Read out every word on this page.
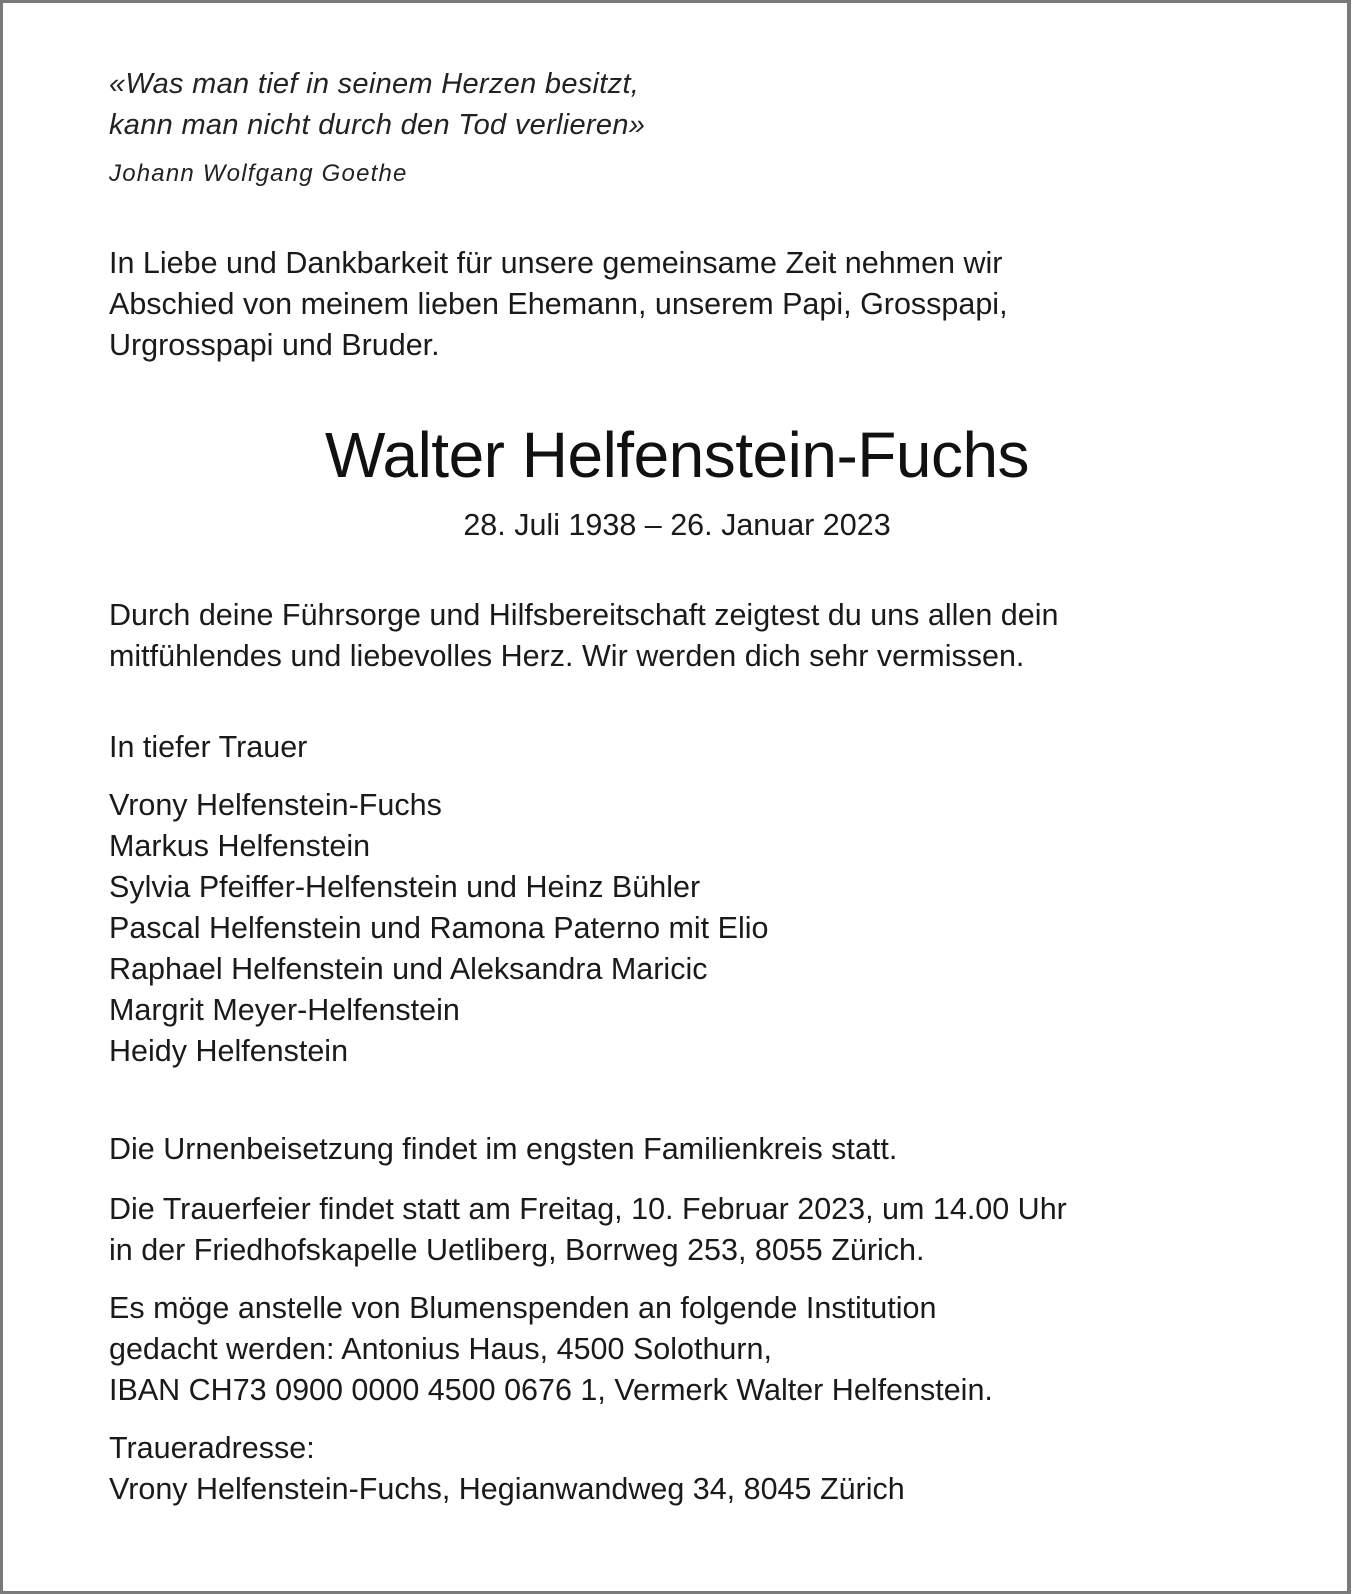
«Was man tief in seinem Herzen besitzt,
kann man nicht durch den Tod verlieren»
Johann Wolfgang Goethe
In Liebe und Dankbarkeit für unsere gemeinsame Zeit nehmen wir
Abschied von meinem lieben Ehemann, unserem Papi, Grosspapi,
Urgrosspapi und Bruder.
Walter Helfenstein-Fuchs
28. Juli 1938 – 26. Januar 2023
Durch deine Führsorge und Hilfsbereitschaft zeigtest du uns allen dein
mitfühlendes und liebevolles Herz. Wir werden dich sehr vermissen.
In tiefer Trauer
Vrony Helfenstein-Fuchs
Markus Helfenstein
Sylvia Pfeiffer-Helfenstein und Heinz Bühler
Pascal Helfenstein und Ramona Paterno mit Elio
Raphael Helfenstein und Aleksandra Maricic
Margrit Meyer-Helfenstein
Heidy Helfenstein
Die Urnenbeisetzung findet im engsten Familienkreis statt.
Die Trauerfeier findet statt am Freitag, 10. Februar 2023, um 14.00 Uhr
in der Friedhofskapelle Uetliberg, Borrweg 253, 8055 Zürich.
Es möge anstelle von Blumenspenden an folgende Institution
gedacht werden: Antonius Haus, 4500 Solothurn,
IBAN CH73 0900 0000 4500 0676 1, Vermerk Walter Helfenstein.
Traueradresse:
Vrony Helfenstein-Fuchs, Hegianwandweg 34, 8045 Zürich
